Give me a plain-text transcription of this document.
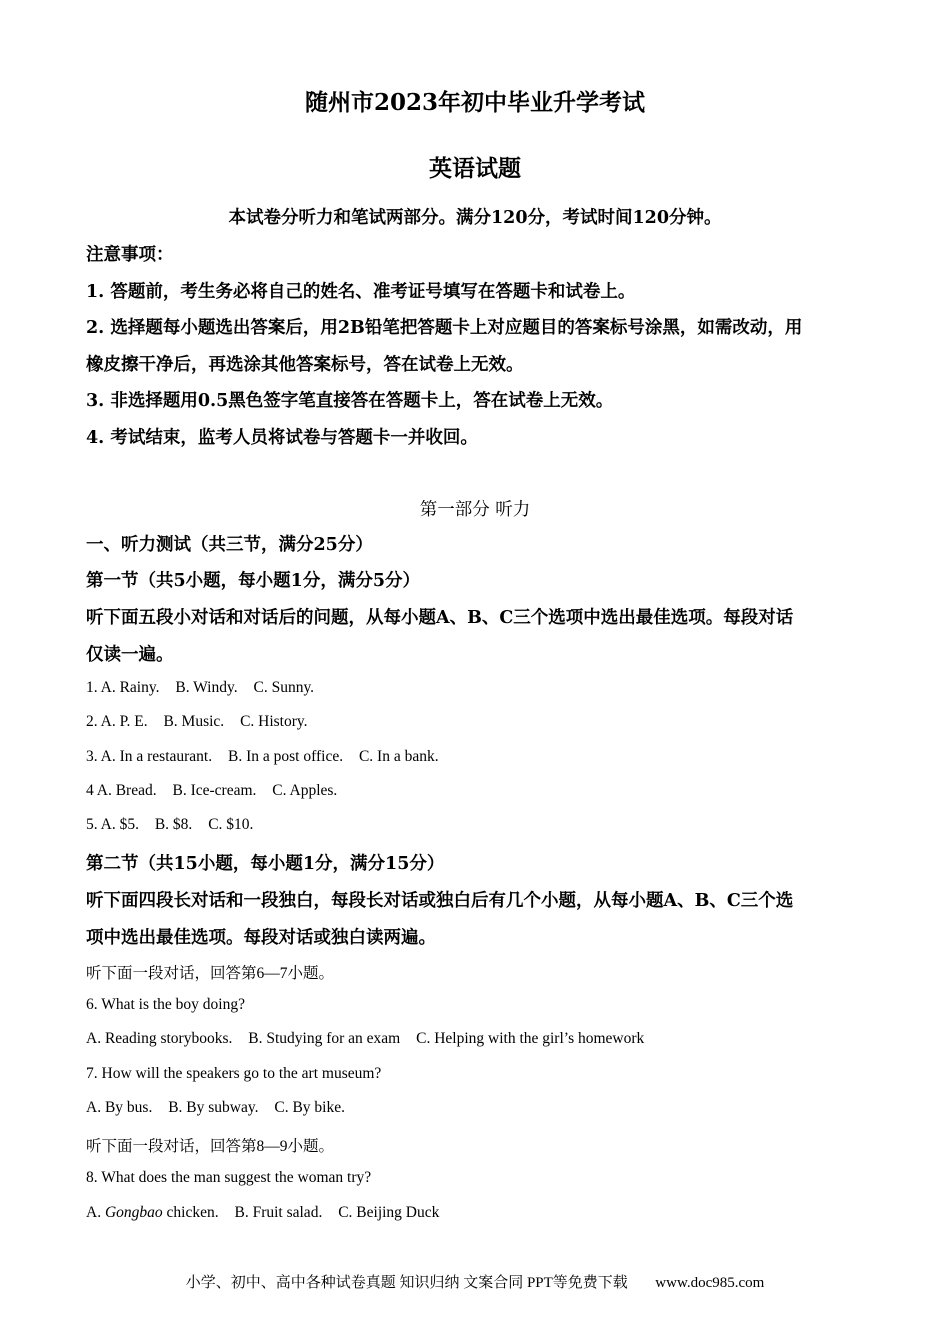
随州市2023年初中毕业升学考试
英语试题
本试卷分听力和笔试两部分。满分120分，考试时间120分钟。
注意事项：
1. 答题前，考生务必将自己的姓名、准考证号填写在答题卡和试卷上。
2. 选择题每小题选出答案后，用2B铅笔把答题卡上对应题目的答案标号涂黑，如需改动，用
橡皮擦干净后，再选涂其他答案标号，答在试卷上无效。
3. 非选择题用0.5黑色签字笔直接答在答题卡上，答在试卷上无效。
4. 考试结束，监考人员将试卷与答题卡一并收回。
第一部分 听力
一、听力测试（共三节，满分25分）
第一节（共5小题，每小题1分，满分5分）
听下面五段小对话和对话后的问题，从每小题A、B、C三个选项中选出最佳选项。每段对话
仅读一遍。
1. A. Rainy. B. Windy. C. Sunny.
2. A. P. E. B. Music. C. History.
3. A. In a restaurant. B. In a post office. C. In a bank.
4 A. Bread. B. Ice-cream. C. Apples.
5. A. $5. B. $8. C. $10.
第二节（共15小题，每小题1分，满分15分）
听下面四段长对话和一段独白，每段长对话或独白后有几个小题，从每小题A、B、C三个选
项中选出最佳选项。每段对话或独白读两遍。
听下面一段对话，回答第6—7小题。
6. What is the boy doing?
A. Reading storybooks. B. Studying for an exam C. Helping with the girl’s homework
7. How will the speakers go to the art museum?
A. By bus. B. By subway. C. By bike.
听下面一段对话，回答第8—9小题。
8. What does the man suggest the woman try?
A. Gongbao chicken. B. Fruit salad. C. Beijing Duck
小学、初中、高中各种试卷真题 知识归纳 文案合同 PPT等免费下载 www.doc985.com
